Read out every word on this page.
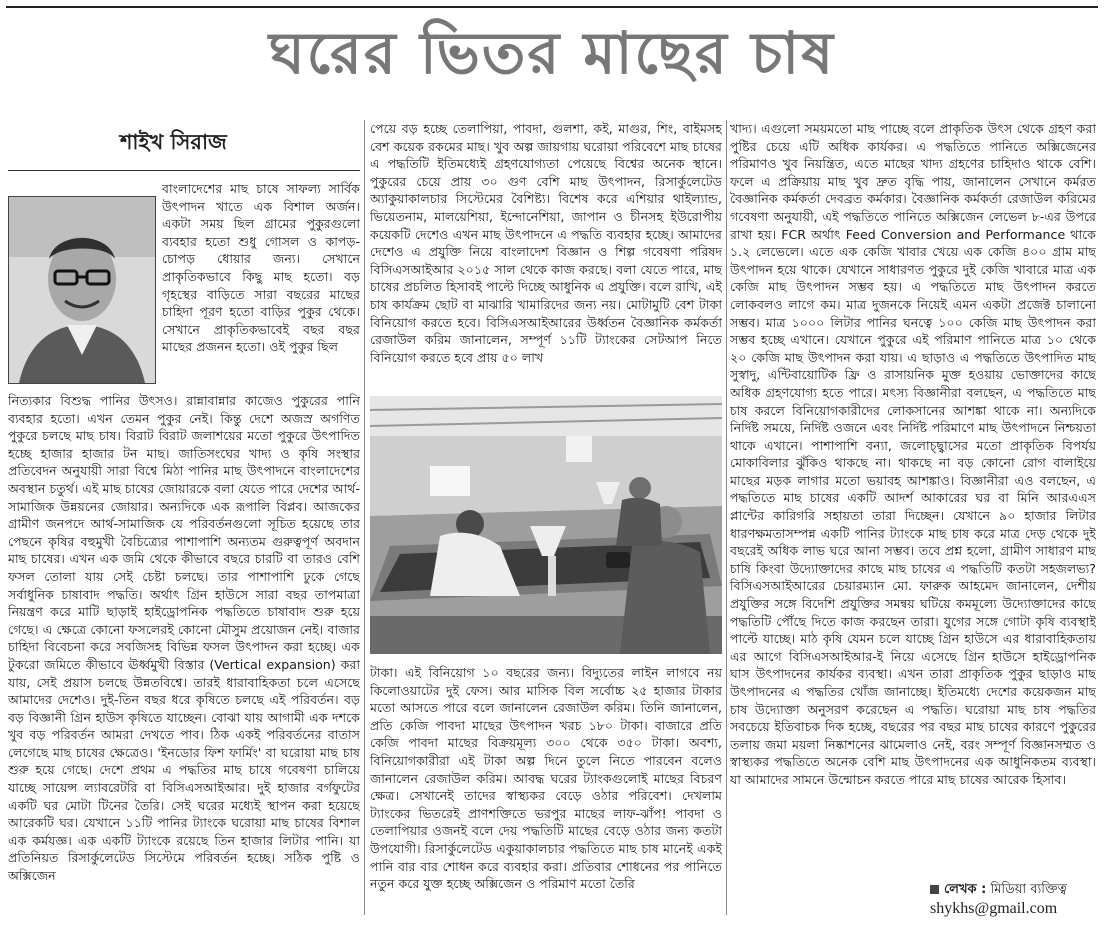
ঘরের ভিতর মাছের চাষ
শাইখ সিরাজ

বাংলাদেশের মাছ চাষে সাফল্য সার্বিক উৎপাদন খাতে এক বিশাল অর্জন। একটা সময় ছিল গ্রামের পুকুরগুলো ব্যবহার হতো শুধু গোসল ও কাপড়-চোপড় ধোয়ার জন্য। সেখানে প্রাকৃতিকভাবে কিছু মাছ হতো। বড় গৃহস্থের বাড়িতে সারা বছরের মাছের চাহিদা পূরণ হতো বাড়ির পুকুর থেকে। সেখানে প্রাকৃতিকভাবেই বছর বছর মাছের প্রজনন হতো। ওই পুকুর ছিল

নিত্যকার বিশুদ্ধ পানির উৎসও। রান্নাবান্নার কাজেও পুকুরের পানি ব্যবহার হতো। এখন তেমন পুকুর নেই। কিন্তু দেশে অজস্র অগণিত পুকুরে চলছে মাছ চাষ। বিরাট বিরাট জলাশয়ের মতো পুকুরে উৎপাদিত হচ্ছে হাজার হাজার টন মাছ। জাতিসংঘের খাদ্য ও কৃষি সংস্থার প্রতিবেদন অনুযায়ী সারা বিশ্বে মিঠা পানির মাছ উৎপাদনে বাংলাদেশের অবস্থান চতুর্থ। এই মাছ চাষের জোয়ারকে বলা যেতে পারে দেশের আর্থ-সামাজিক উন্নয়নের জোয়ার। অন্যদিকে এক রূপালি বিপ্লব। আজকের গ্রামীণ জনপদে আর্থ-সামাজিক যে পরিবর্তনগুলো সূচিত হয়েছে তার পেছনে কৃষির বহুমুখী বৈচিত্র্যের পাশাপাশি অন্যতম গুরুত্বপূর্ণ অবদান মাছ চাষের। এখন এক জমি থেকে কীভাবে বছরে চারটি বা তারও বেশি ফসল তোলা যায় সেই চেষ্টা চলছে। তার পাশাপাশি ঢুকে গেছে সর্বাধুনিক চাষাবাদ পদ্ধতি। অর্থাৎ গ্রিন হাউসে সারা বছর তাপমাত্রা নিয়ন্ত্রণ করে মাটি ছাড়াই হাইড্রোপনিক পদ্ধতিতে চাষাবাদ শুরু হয়ে গেছে। এ ক্ষেত্রে কোনো ফসলেরই কোনো মৌসুম প্রয়োজন নেই। বাজার চাহিদা বিবেচনা করে সবজিসহ বিভিন্ন ফসল উৎপাদন করা হচ্ছে। এক টুকরো জমিতে কীভাবে ঊর্ধ্বমুখী বিস্তার (Vertical expansion) করা যায়, সেই প্রয়াস চলছে উন্নতবিশ্বে। তারই ধারাবাহিকতা চলে এসেছে আমাদের দেশেও। দুই-তিন বছর ধরে কৃষিতে চলছে এই পরিবর্তন। বড় বড় বিজ্ঞানী গ্রিন হাউস কৃষিতে যাচ্ছেন। বোঝা যায় আগামী এক দশকে খুব বড় পরিবর্তন আমরা দেখতে পাব। ঠিক একই পরিবর্তনের বাতাস লেগেছে মাছ চাষের ক্ষেত্রেও। 'ইনডোর ফিশ ফার্মিং' বা ঘরোয়া মাছ চাষ শুরু হয়ে গেছে। দেশে প্রথম এ পদ্ধতির মাছ চাষে গবেষণা চালিয়ে যাচ্ছে সায়েন্স ল্যাবরেটরি বা বিসিএসআইআর। দুই হাজার বর্গফুটের একটি ঘর মোটা টিনের তৈরি। সেই ঘরের মধ্যেই স্থাপন করা হয়েছে আরেকটি ঘর। যেখানে ১১টি পানির ট্যাংকে ঘরোয়া মাছ চাষের বিশাল এক কর্মযজ্ঞ। এক একটি ট্যাংকে রয়েছে তিন হাজার লিটার পানি। যা প্রতিনিয়ত রিসার্কুলেটেড সিস্টেমে পরিবর্তন হচ্ছে। সঠিক পুষ্টি ও অক্সিজেন

পেয়ে বড় হচ্ছে তেলাপিয়া, পাবদা, গুলশা, কই, মাগুর, শিং, বাইমসহ বেশ কয়েক রকমের মাছ। খুব অল্প জায়গায় ঘরোয়া পরিবেশে মাছ চাষের এ পদ্ধতিটি ইতিমধ্যেই গ্রহণযোগ্যতা পেয়েছে বিশ্বের অনেক স্থানে। পুকুরের চেয়ে প্রায় ৩০ গুণ বেশি মাছ উৎপাদন, রিসার্কুলেটেড অ্যাকুয়াকালচার সিস্টেমের বৈশিষ্ট্য। বিশেষ করে এশিয়ার থাইল্যান্ড, ভিয়েতনাম, মালয়েশিয়া, ইন্দোনেশিয়া, জাপান ও চীনসহ ইউরোপীয় কয়েকটি দেশেও এখন মাছ উৎপাদনে এ পদ্ধতি ব্যবহার হচ্ছে। আমাদের দেশেও এ প্রযুক্তি নিয়ে বাংলাদেশ বিজ্ঞান ও শিল্প গবেষণা পরিষদ বিসিএসআইআর ২০১৫ সাল থেকে কাজ করছে। বলা যেতে পারে, মাছ চাষের প্রচলিত হিসাবই পাল্টে দিচ্ছে আধুনিক এ প্রযুক্তি। বলে রাখি, এই চাষ কার্যক্রম ছোট বা মাঝারি খামারিদের জন্য নয়। মোটামুটি বেশ টাকা বিনিয়োগ করতে হবে। বিসিএসআইআরের উর্ধ্বতন বৈজ্ঞানিক কর্মকর্তা রেজাউল করিম জানালেন, সম্পূর্ণ ১১টি ট্যাংকের সেটআপ নিতে বিনিয়োগ করতে হবে প্রায় ৫০ লাখ

টাকা। এই বিনিয়োগ ১০ বছরের জন্য। বিদ্যুতের লাইন লাগবে নয় কিলোওয়াটের দুই ফেস। আর মাসিক বিল সর্বোচ্চ ২৫ হাজার টাকার মতো আসতে পারে বলে জানালেন রেজাউল করিম। তিনি জানালেন, প্রতি কেজি পাবদা মাছের উৎপাদন খরচ ১৮০ টাকা। বাজারে প্রতি কেজি পাবদা মাছের বিক্রয়মূল্য ৩০০ থেকে ৩৫০ টাকা। অবশ্য, বিনিয়োগকারীরা এই টাকা অল্প দিনে তুলে নিতে পারবেন বলেও জানালেন রেজাউল করিম। আবদ্ধ ঘরের ট্যাংকগুলোই মাছের বিচরণ ক্ষেত্র। সেখানেই তাদের স্বাস্থ্যকর বেড়ে ওঠার পরিবেশ। দেখলাম ট্যাংকের ভিতরেই প্রাণশক্তিতে ভরপুর মাছের লাফ-ঝাঁপ! পাবদা ও তেলাপিয়ার ওজনই বলে দেয় পদ্ধতিটি মাছের বেড়ে ওঠার জন্য কতটা উপযোগী। রিসার্কুলেটেড একুয়াকালচার পদ্ধতিতে মাছ চাষ মানেই একই পানি বার বার শোধন করে ব্যবহার করা। প্রতিবার শোধনের পর পানিতে নতুন করে যুক্ত হচ্ছে অক্সিজেন ও পরিমাণ মতো তৈরি

খাদ্য। এগুলো সময়মতো মাছ পাচ্ছে বলে প্রাকৃতিক উৎস থেকে গ্রহণ করা পুষ্টির চেয়ে এটি অধিক কার্যকর। এ পদ্ধতিতে পানিতে অক্সিজেনের পরিমাণও খুব নিয়ন্ত্রিত, এতে মাছের খাদ্য গ্রহণের চাহিদাও থাকে বেশি। ফলে এ প্রক্রিয়ায় মাছ খুব দ্রুত বৃদ্ধি পায়, জানালেন সেখানে কর্মরত বৈজ্ঞানিক কর্মকর্তা দেবব্রত কর্মকার। বৈজ্ঞানিক কর্মকর্তা রেজাউল করিমের গবেষণা অনুযায়ী, এই পদ্ধতিতে পানিতে অক্সিজেন লেভেল ৮-এর উপরে রাখা হয়। FCR অর্থাৎ Feed Conversion and Performance থাকে ১.২ লেভেলে। এতে এক কেজি খাবার খেয়ে এক কেজি ৪০০ গ্রাম মাছ উৎপাদন হয়ে থাকে। যেখানে সাধারণত পুকুরে দুই কেজি খাবারে মাত্র এক কেজি মাছ উৎপাদন সম্ভব হয়। এ পদ্ধতিতে মাছ উৎপাদন করতে লোকবলও লাগে কম। মাত্র দুজনকে নিয়েই এমন একটা প্রজেক্ট চালানো সম্ভব। মাত্র ১০০০ লিটার পানির ঘনত্বে ১০০ কেজি মাছ উৎপাদন করা সম্ভব হচ্ছে এখানে। যেখানে পুকুরে এই পরিমাণ পানিতে মাত্র ১০ থেকে ২০ কেজি মাছ উৎপাদন করা যায়। এ ছাড়াও এ পদ্ধতিতে উৎপাদিত মাছ সুস্বাদু, এন্টিবায়োটিক ফ্রি ও রাসায়নিক মুক্ত হওয়ায় ভোক্তাদের কাছে অধিক গ্রহণযোগ্য হতে পারে। মৎস্য বিজ্ঞানীরা বলছেন, এ পদ্ধতিতে মাছ চাষ করলে বিনিয়োগকারীদের লোকসানের আশঙ্কা থাকে না। অন্যদিকে নির্দিষ্ট সময়ে, নির্দিষ্ট ওজনে এবং নির্দিষ্ট পরিমাণে মাছ উৎপাদনে নিশ্চয়তা থাকে এখানে। পাশাপাশি বন্যা, জলোচ্ছ্বাসের মতো প্রাকৃতিক বিপর্যয় মোকাবিলার ঝুঁকিও থাকছে না। থাকছে না বড় কোনো রোগ বালাইয়ে মাছের মড়ক লাগার মতো ভয়াবহ আশঙ্কাও। বিজ্ঞানীরা এও বলছেন, এ পদ্ধতিতে মাছ চাষের একটি আদর্শ আকারের ঘর বা মিনি আরএএস প্লান্টের কারিগরি সহায়তা তারা দিচ্ছেন। যেখানে ৯০ হাজার লিটার ধারণক্ষমতাসম্পন্ন একটি পানির ট্যাংকে মাছ চাষ করে মাত্র দেড় থেকে দুই বছরেই অধিক লাভ ঘরে আনা সম্ভব। তবে প্রশ্ন হলো, গ্রামীণ সাধারণ মাছ চাষি কিংবা উদ্যোক্তাদের কাছে মাছ চাষের এ পদ্ধতিটি কতটা সহজলভ্য? বিসিএসআইআরের চেয়ারম্যান মো. ফারুক আহমেদ জানালেন, দেশীয় প্রযুক্তির সঙ্গে বিদেশি প্রযুক্তির সমন্বয় ঘটিয়ে কমমূল্যে উদ্যোক্তাদের কাছে পদ্ধতিটি পৌঁছে দিতে কাজ করছেন তারা। যুগের সঙ্গে গোটা কৃষি ব্যবস্থাই পাল্টে যাচ্ছে। মাঠ কৃষি যেমন চলে যাচ্ছে গ্রিন হাউসে এর ধারাবাহিকতায় এর আগে বিসিএসআইআর-ই নিয়ে এসেছে গ্রিন হাউসে হাইড্রোপনিক ঘাস উৎপাদনের কার্যকর ব্যবস্থা। এখন তারা প্রাকৃতিক পুকুর ছাড়াও মাছ উৎপাদনের এ পদ্ধতির খোঁজ জানাচ্ছে। ইতিমধ্যে দেশের কয়েকজন মাছ চাষ উদ্যোক্তা অনুসরণ করেছেন এ পদ্ধতি। ঘরোয়া মাছ চাষ পদ্ধতির সবচেয়ে ইতিবাচক দিক হচ্ছে, বছরের পর বছর মাছ চাষের কারণে পুকুরের তলায় জমা ময়লা নিষ্কাশনের ঝামেলাও নেই, বরং সম্পূর্ণ বিজ্ঞানসম্মত ও স্বাস্থ্যকর পদ্ধতিতে অনেক বেশি মাছ উৎপাদনের এক আধুনিকতম ব্যবস্থা। যা আমাদের সামনে উন্মোচন করতে পারে মাছ চাষের আরেক হিসাব।

লেখক : মিডিয়া ব্যক্তিত্ব
shykhs@gmail.com
